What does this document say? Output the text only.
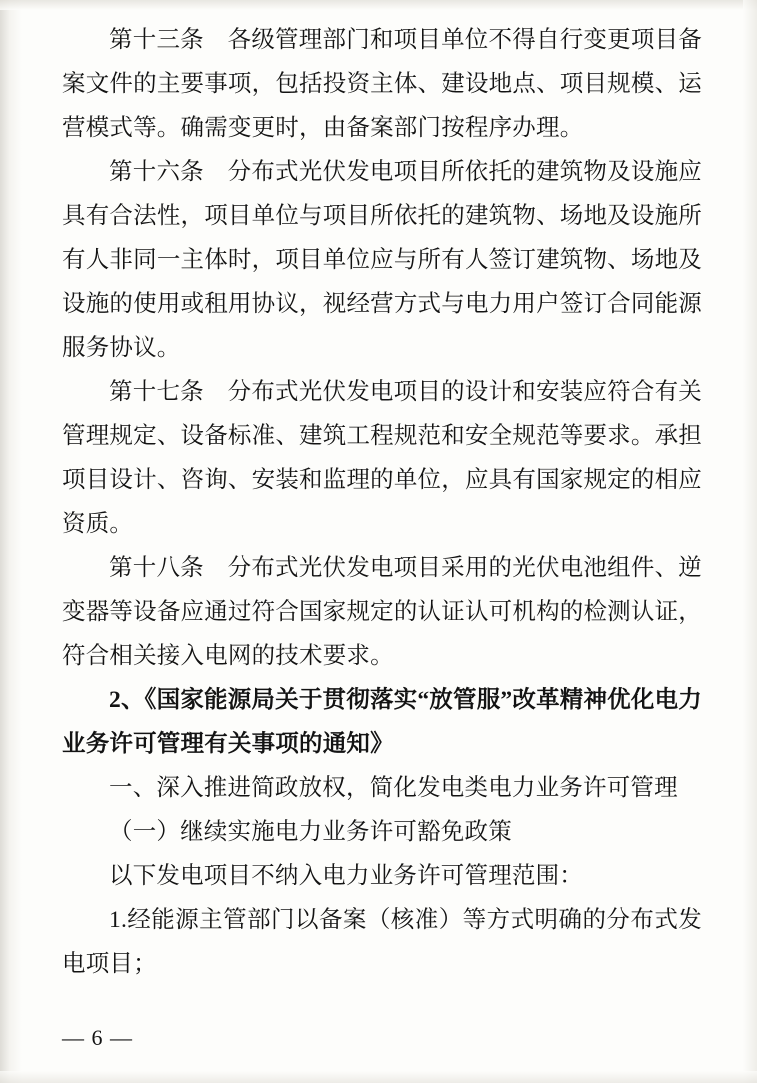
第十三条　各级管理部门和项目单位不得自行变更项目备案文件的主要事项，包括投资主体、建设地点、项目规模、运营模式等。确需变更时，由备案部门按程序办理。

第十六条　分布式光伏发电项目所依托的建筑物及设施应具有合法性，项目单位与项目所依托的建筑物、场地及设施所有人非同一主体时，项目单位应与所有人签订建筑物、场地及设施的使用或租用协议，视经营方式与电力用户签订合同能源服务协议。

第十七条　分布式光伏发电项目的设计和安装应符合有关管理规定、设备标准、建筑工程规范和安全规范等要求。承担项目设计、咨询、安装和监理的单位，应具有国家规定的相应资质。

第十八条　分布式光伏发电项目采用的光伏电池组件、逆变器等设备应通过符合国家规定的认证认可机构的检测认证，符合相关接入电网的技术要求。

2、《国家能源局关于贯彻落实“放管服”改革精神优化电力业务许可管理有关事项的通知》

一、深入推进简政放权，简化发电类电力业务许可管理

（一）继续实施电力业务许可豁免政策

以下发电项目不纳入电力业务许可管理范围：

1.经能源主管部门以备案（核准）等方式明确的分布式发电项目；

— 6 —
